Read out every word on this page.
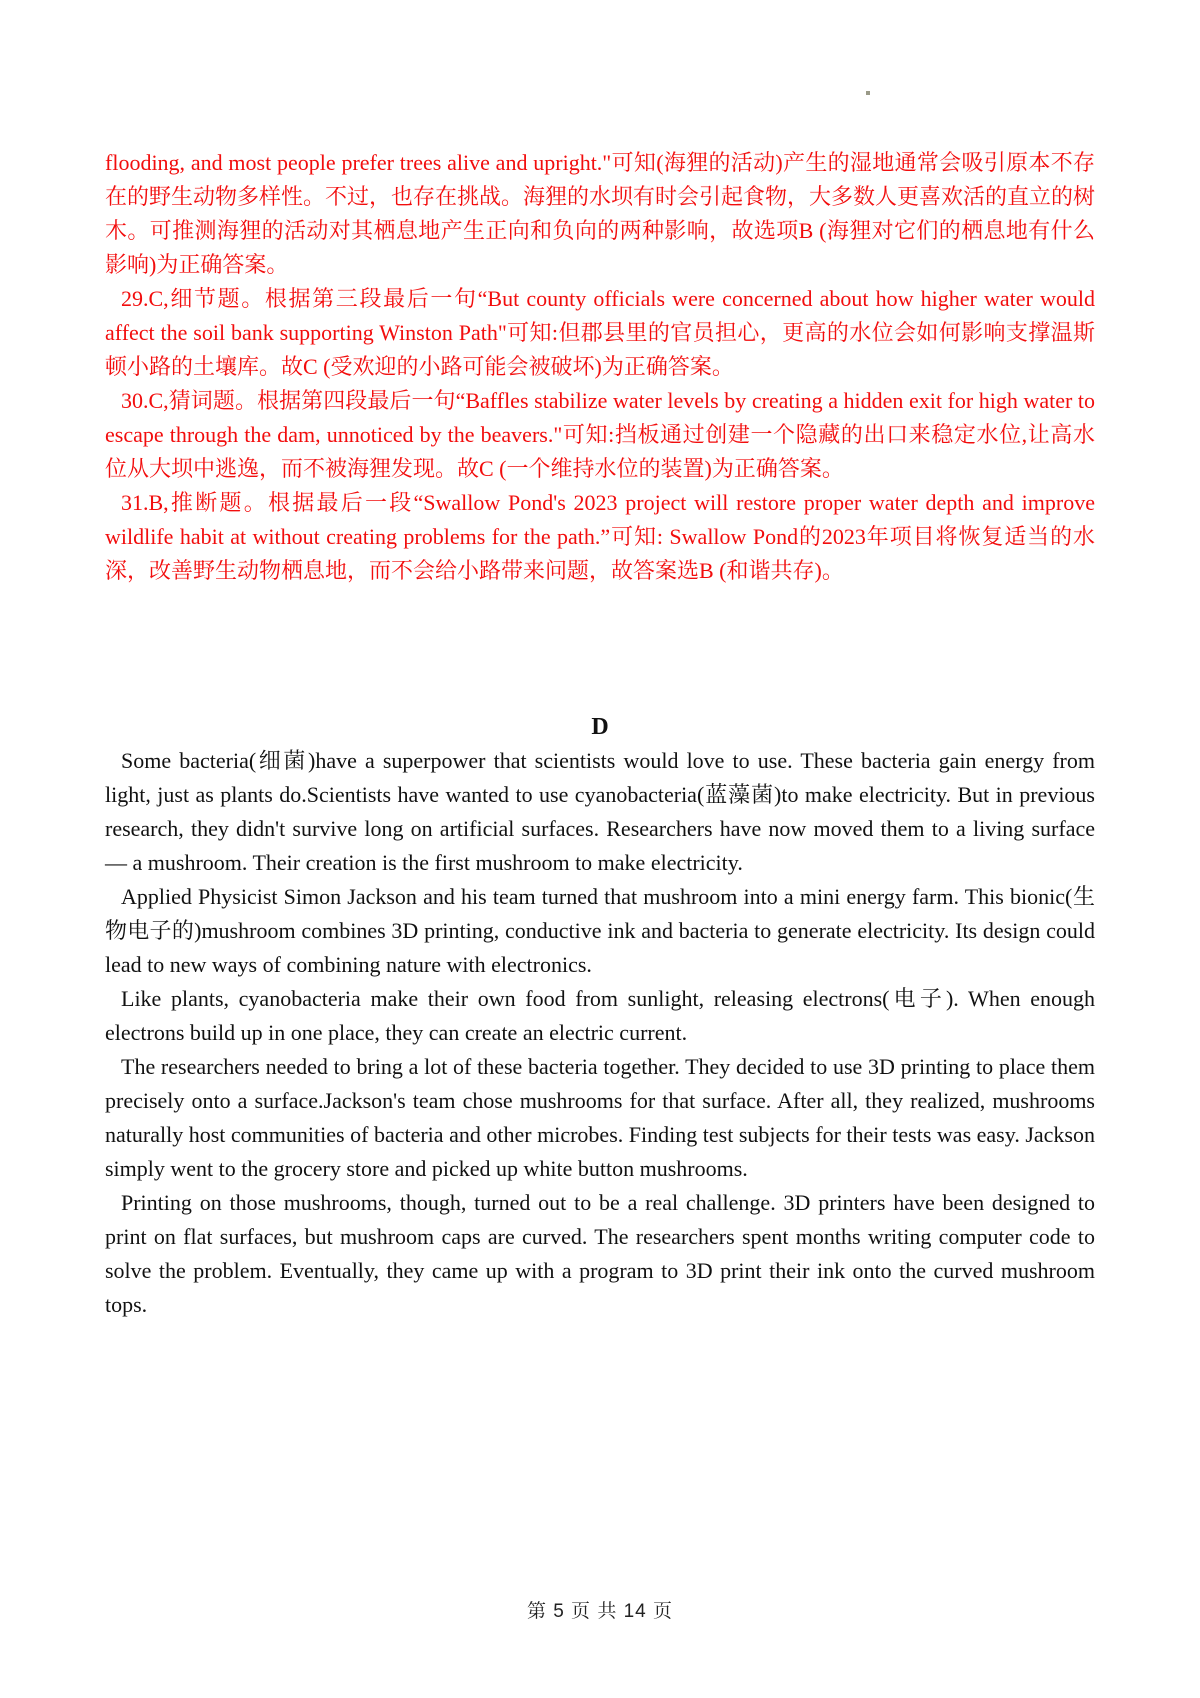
flooding, and most people prefer trees alive and upright."可知(海狸的活动)产生的湿地通常会吸引原本不存在的野生动物多样性。不过，也存在挑战。海狸的水坝有时会引起食物，大多数人更喜欢活的直立的树木。可推测海狸的活动对其栖息地产生正向和负向的两种影响，故选项B (海狸对它们的栖息地有什么影响)为正确答案。

29.C,细节题。根据第三段最后一句“But county officials were concerned about how higher water would affect the soil bank supporting Winston Path"可知:但郡县里的官员担心，更高的水位会如何影响支撑温斯顿小路的土壤库。故C (受欢迎的小路可能会被破坏)为正确答案。

30.C,猜词题。根据第四段最后一句“Baffles stabilize water levels by creating a hidden exit for high water to escape through the dam, unnoticed by the beavers."可知:挡板通过创建一个隐藏的出口来稳定水位,让高水位从大坝中逃逸，而不被海狸发现。故C (一个维持水位的装置)为正确答案。

31.B,推断题。根据最后一段“Swallow Pond's 2023 project will restore proper water depth and improve wildlife habit at without creating problems for the path.”可知: Swallow Pond的2023年项目将恢复适当的水深，改善野生动物栖息地，而不会给小路带来问题，故答案选B (和谐共存)。

D

Some bacteria(细菌)have a superpower that scientists would love to use. These bacteria gain energy from light, just as plants do.Scientists have wanted to use cyanobacteria(蓝藻菌)to make electricity. But in previous research, they didn't survive long on artificial surfaces. Researchers have now moved them to a living surface — a mushroom. Their creation is the first mushroom to make electricity.

Applied Physicist Simon Jackson and his team turned that mushroom into a mini energy farm. This bionic(生物电子的)mushroom combines 3D printing, conductive ink and bacteria to generate electricity. Its design could lead to new ways of combining nature with electronics.

Like plants, cyanobacteria make their own food from sunlight, releasing electrons(电子). When enough electrons build up in one place, they can create an electric current.

The researchers needed to bring a lot of these bacteria together. They decided to use 3D printing to place them precisely onto a surface.Jackson's team chose mushrooms for that surface. After all, they realized, mushrooms naturally host communities of bacteria and other microbes. Finding test subjects for their tests was easy. Jackson simply went to the grocery store and picked up white button mushrooms.

Printing on those mushrooms, though, turned out to be a real challenge. 3D printers have been designed to print on flat surfaces, but mushroom caps are curved. The researchers spent months writing computer code to solve the problem. Eventually, they came up with a program to 3D print their ink onto the curved mushroom tops.

第 5 页 共 14 页
